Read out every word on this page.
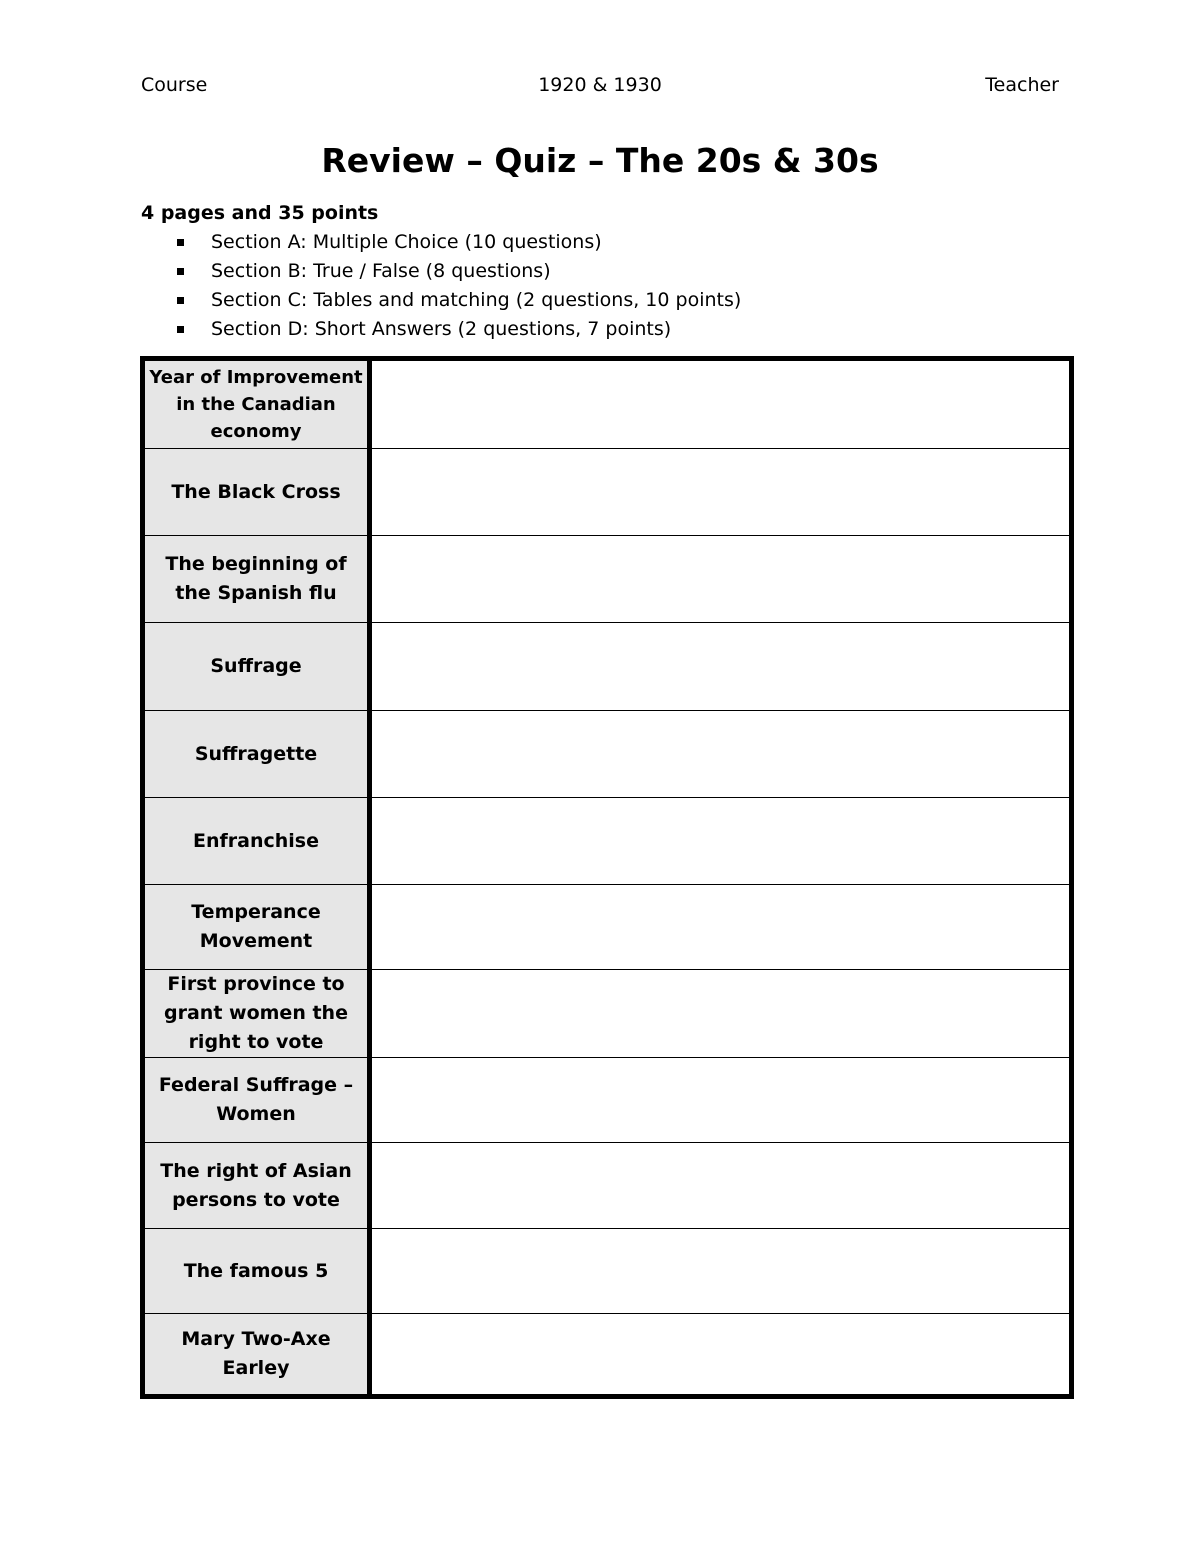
Course	1920 & 1930	Teacher
Review – Quiz – The 20s & 30s
4 pages and 35 points
Section A: Multiple Choice (10 questions)
Section B: True / False (8 questions)
Section C: Tables and matching (2 questions, 10 points)
Section D: Short Answers (2 questions, 7 points)
Year of Improvement in the Canadian economy
The Black Cross
The beginning of the Spanish flu
Suffrage
Suffragette
Enfranchise
Temperance Movement
First province to grant women the right to vote
Federal Suffrage – Women
The right of Asian persons to vote
The famous 5
Mary Two-Axe Earley
